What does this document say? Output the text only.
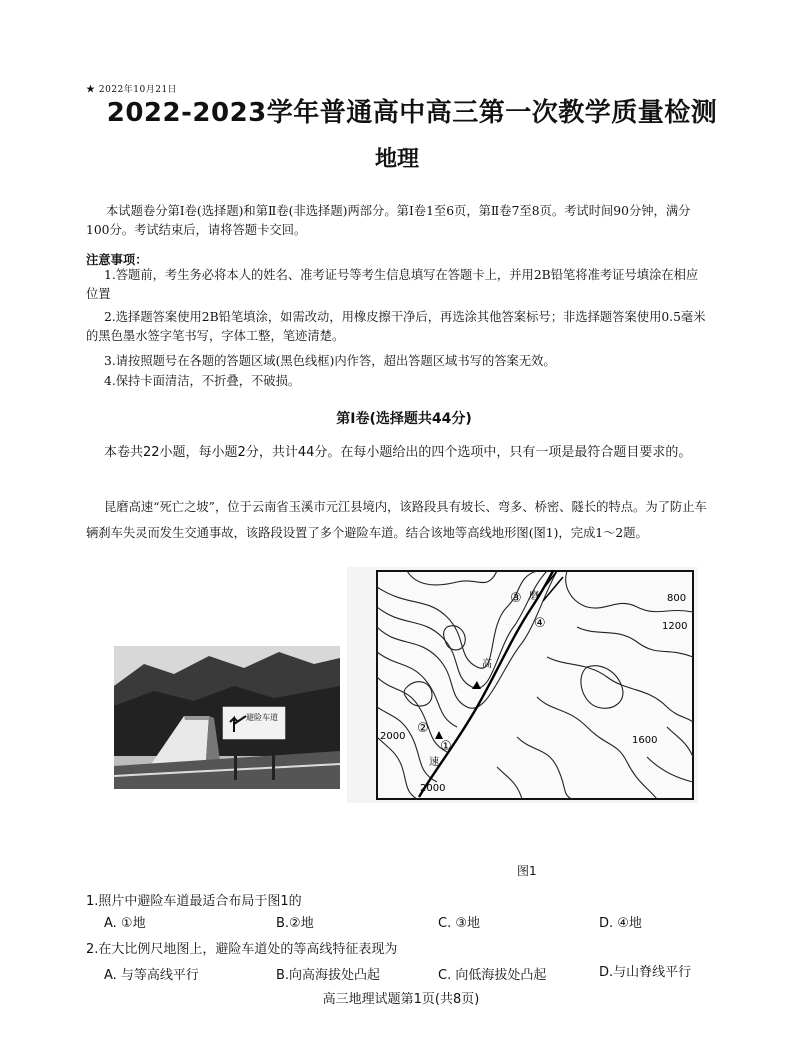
★ 2022年10月21日
2022-2023学年普通高中高三第一次教学质量检测
地理
本试题卷分第Ⅰ卷(选择题)和第Ⅱ卷(非选择题)两部分。第Ⅰ卷1至6页，第Ⅱ卷7至8页。考试时间90分钟，满分100分。考试结束后，请将答题卡交回。
注意事项：
1.答题前，考生务必将本人的姓名、准考证号等考生信息填写在答题卡上，并用2B铅笔将准考证号填涂在相应位置
2.选择题答案使用2B铅笔填涂，如需改动，用橡皮擦干净后，再选涂其他答案标号；非选择题答案使用0.5毫米的黑色墨水签字笔书写，字体工整，笔迹清楚。
3.请按照题号在各题的答题区域(黑色线框)内作答，超出答题区域书写的答案无效。
4.保持卡面清洁，不折叠，不破损。
第Ⅰ卷(选择题共44分)
本卷共22小题，每小题2分，共计44分。在每小题给出的四个选项中，只有一项是最符合题目要求的。
昆磨高速“死亡之坡”，位于云南省玉溪市元江县境内，该路段具有坡长、弯多、桥密、隧长的特点。为了防止车辆刹车失灵而发生交通事故，该路段设置了多个避险车道。结合该地等高线地形图(图1)，完成1～2题。
避险车道
③
④
②
①
800
1200
1600
2000
2000
磨
高
速
图1
1.照片中避险车道最适合布局于图1的
A. ①地	B.②地	C. ③地	D. ④地
2.在大比例尺地图上，避险车道处的等高线特征表现为
A. 与等高线平行	B.向高海拔处凸起	C. 向低海拔处凸起	D.与山脊线平行
高三地理试题第1页(共8页)
